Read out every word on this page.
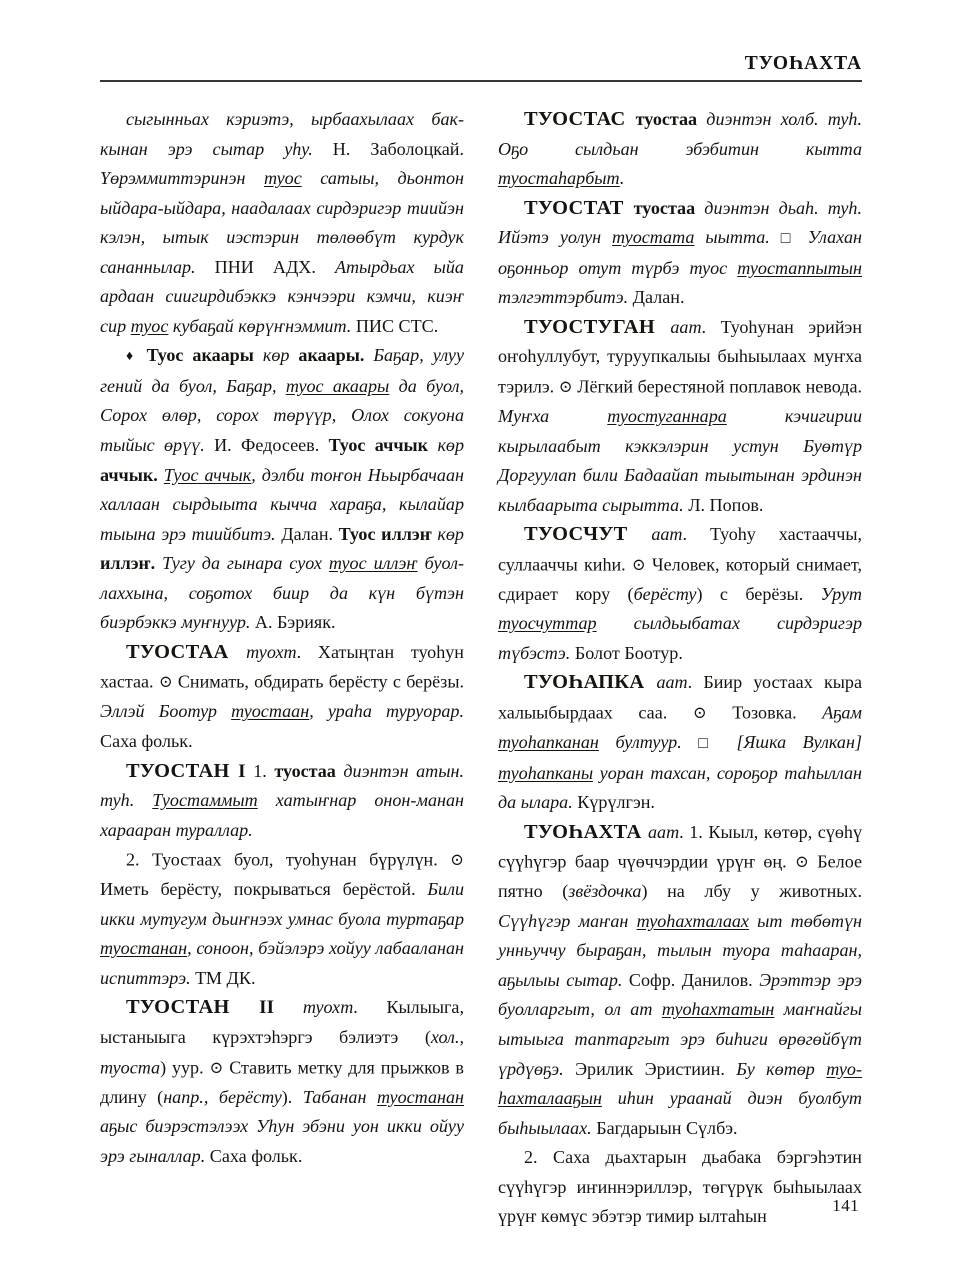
ТУОҺАХТА

сыгынньах кэриэтэ, ырбаахылаах баккынан эрэ сытар уһу. Н. Заболоцкай. Үөрэммиттэринэн туос сатыы, дьонтон ыйдара-ыйдара, наадалаах сирдэригэр тиийэн кэлэн, ытык иэстэрин төлөөбүт курдук сананнылар. ПНИ АДХ. Атырдьах ыйа ардаан сиигирдибэккэ кэнчээри кэмчи, киэҥ сир туос кубаҕай көрүҥнэммит. ПИС СТС.

♦ Туос акаары көр акаары. Баҕар, улуу гений да буол, Баҕар, туос акаары да буол, Сорох өлөр, сорох төрүүр, Олох сокуона тыйыс өрүү. И. Федосеев. Туос аччык көр аччык. Туос аччык, дэлби тоҥон Ньырбачаан халлаан сырдыыта кычча хараҕа, кылайар тыына эрэ тиийбитэ. Далан. Туос иллэҥ көр иллэҥ. Тугу да гынара суох туос иллэҥ буоллаххына, соҕотох биир да күн бүтэн биэрбэккэ муҥнуур. А. Бэрияк.

ТУОСТАА туохт. Хатыңтан туоһун хастаа. ⊙ Снимать, обдирать берёсту с берёзы. Эллэй Боотур туостаан, ураһа туруорар. Саха фольк.

ТУОСТАН I 1. туостаа диэнтэн атын. туһ. Туостаммыт хатыҥнар онон-манан харааран тураллар.

2. Туостаах буол, туоһунан бүрүлүн. ⊙ Иметь берёсту, покрываться берёстой. Били икки мутугум дьиҥнээх умнас буола туртаҕар туостанан, соноон, бэйэлэрэ хойуу лабааланан испиттэрэ. ТМ ДК.

ТУОСТАН II туохт. Кылыыга, ыстаныыга күрэхтэһэргэ бэлиэтэ (хол., туоста) уур. ⊙ Ставить метку для прыжков в длину (напр., берёсту). Табанан туостанан аҕыс биэрэстэлээх Уһун эбэни уон икки ойуу эрэ гыналлар. Саха фольк.

ТУОСТАС туостаа диэнтэн холб. туһ. Оҕо сылдьан эбэбитин кытта туостаһарбыт.

ТУОСТАТ туостаа диэнтэн дьаһ. туһ. Ийэтэ уолун туостата ыытта. □ Улахан оҕонньор отут түрбэ туос туостаппытын тэлгэттэрбитэ. Далан.

ТУОСТУГАН аат. Туоһунан эрийэн оҥоһуллубут, туруупкалыы быһыылаах муҥха тэрилэ. ⊙ Лёгкий берестяной поплавок невода. Муҥха туостуганнара кэчигирии кырылаабыт кэккэлэрин устун Буөтүр Доргуулап били Бадаайап тыытынан эрдинэн кылбаарыта сырытта. Л. Попов.

ТУОСЧУТ аат. Туоһу хастааччы, суллааччы киһи. ⊙ Человек, который снимает, сдирает кору (берёсту) с берёзы. Урут туосчуттар сылдьыбатах сирдэригэр түбэстэ. Болот Боотур.

ТУОҺАПКА аат. Биир уостаах кыра халыыбырдаах саа. ⊙ Тозовка. Аҕам туоһапканан бултуур. □ [Яшка Вулкан] туоһапканы уоран тахсан, сороҕор таһыллан да ылара. Күрүлгэн.

ТУОҺАХТА аат. 1. Кыыл, көтөр, сүөһү сүүһүгэр баар чүөччэрдии үрүҥ өң. ⊙ Белое пятно (звёздочка) на лбу у животных. Сүүһүгэр маҥан туоһахталаах ыт төбөтүн унньуччу быраҕан, тылын туора таһааран, аҕылыы сытар. Софр. Данилов. Эрэттэр эрэ буолларгыт, ол ат туоһахтатын маҥнайгы ытыыга таптаргыт эрэ биһиги өрөгөйбүт үрдүөҕэ. Эрилик Эристиин. Бу көтөр туоһахталааҕын иһин ураанай диэн буолбут быһыылаах. Багдарыын Сүлбэ.

2. Саха дьахтарын дьабака бэргэһэтин сүүһүгэр иҥиннэриллэр, төгүрүк быһыылаах үрүҥ көмүс эбэтэр тимир ылтаһын

141
